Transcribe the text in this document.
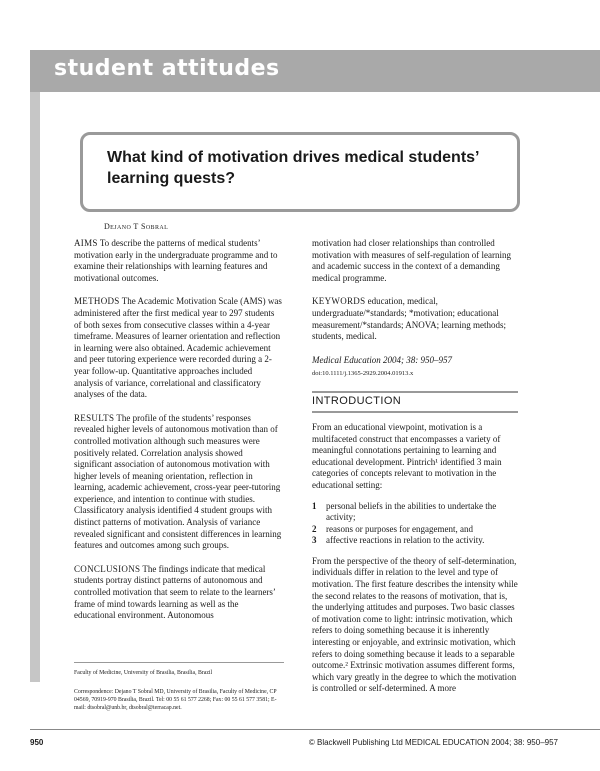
student attitudes
What kind of motivation drives medical students’
learning quests?
Dejano T Sobral

AIMS To describe the patterns of medical students’ motivation early in the undergraduate programme and to examine their relationships with learning features and motivational outcomes.

METHODS The Academic Motivation Scale (AMS) was administered after the first medical year to 297 students of both sexes from consecutive classes within a 4-year timeframe. Measures of learner orientation and reflection in learning were also obtained. Academic achievement and peer tutoring experience were recorded during a 2-year follow-up. Quantitative approaches included analysis of variance, correlational and classificatory analyses of the data.

RESULTS The profile of the students’ responses revealed higher levels of autonomous motivation than of controlled motivation although such measures were positively related. Correlation analysis showed significant association of autonomous motivation with higher levels of meaning orientation, reflection in learning, academic achievement, cross-year peer-tutoring experience, and intention to continue with studies. Classificatory analysis identified 4 student groups with distinct patterns of motivation. Analysis of variance revealed significant and consistent differences in learning features and outcomes among such groups.

CONCLUSIONS The findings indicate that medical students portray distinct patterns of autonomous and controlled motivation that seem to relate to the learners’ frame of mind towards learning as well as the educational environment. Autonomous

Faculty of Medicine, University of Brasilia, Brasilia, Brazil
Correspondence: Dejano T Sobral MD, University of Brasilia, Faculty of Medicine, CP 04569, 70919-970 Brasilia, Brazil. Tel: 00 55 61 577 2268; Fax: 00 55 61 577 3581; E-mail: dtsobral@unb.br, dtsobral@terracap.net.

motivation had closer relationships than controlled motivation with measures of self-regulation of learning and academic success in the context of a demanding medical programme.

KEYWORDS education, medical, undergraduate/*standards; *motivation; educational measurement/*standards; ANOVA; learning methods; students, medical.

Medical Education 2004; 38: 950–957

doi:10.1111/j.1365-2929.2004.01913.x

INTRODUCTION

From an educational viewpoint, motivation is a multifaceted construct that encompasses a variety of meaningful connotations pertaining to learning and educational development. Pintrich¹ identified 3 main categories of concepts relevant to motivation in the educational setting:

1	personal beliefs in the abilities to undertake the activity;
2	reasons or purposes for engagement, and
3	affective reactions in relation to the activity.

From the perspective of the theory of self-determination, individuals differ in relation to the level and type of motivation. The first feature describes the intensity while the second relates to the reasons of motivation, that is, the underlying attitudes and purposes. Two basic classes of motivation come to light: intrinsic motivation, which refers to doing something because it is inherently interesting or enjoyable, and extrinsic motivation, which refers to doing something because it leads to a separable outcome.² Extrinsic motivation assumes different forms, which vary greatly in the degree to which the motivation is controlled or self-determined. A more

950	© Blackwell Publishing Ltd MEDICAL EDUCATION 2004; 38: 950–957
